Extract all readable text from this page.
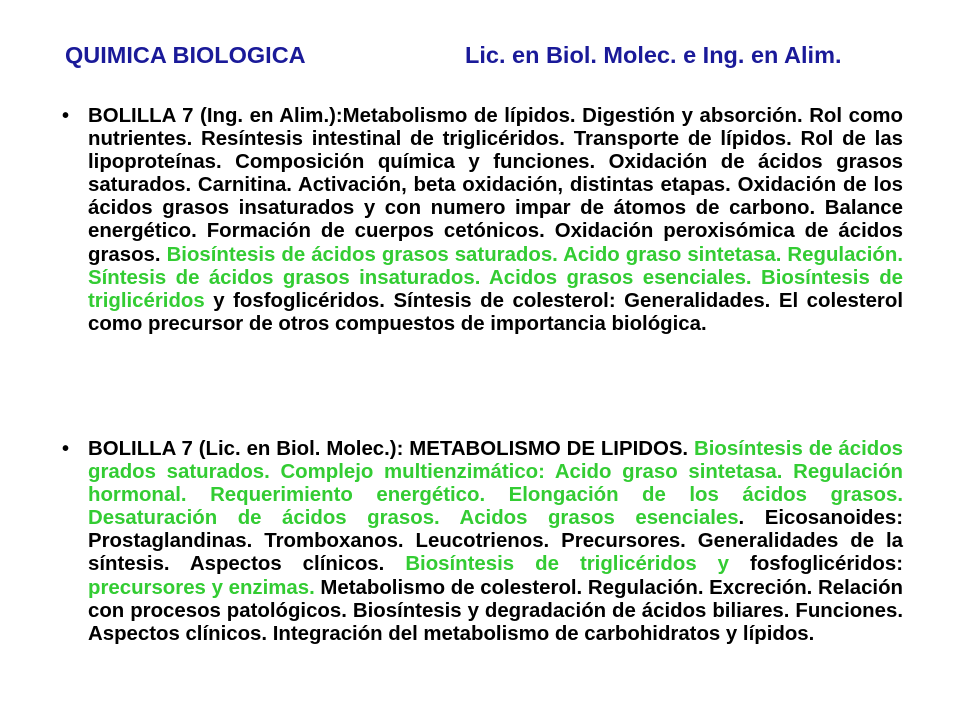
QUIMICA BIOLOGICA	Lic. en Biol. Molec. e Ing. en Alim.
• BOLILLA 7 (Ing. en Alim.):Metabolismo de lípidos. Digestión y absorción. Rol como nutrientes. Resíntesis intestinal de triglicéridos. Transporte de lípidos. Rol de las lipoproteínas. Composición química y funciones. Oxidación de ácidos grasos saturados. Carnitina. Activación, beta oxidación, distintas etapas. Oxidación de los ácidos grasos insaturados y con numero impar de átomos de carbono. Balance energético. Formación de cuerpos cetónicos. Oxidación peroxisómica de ácidos grasos. Biosíntesis de ácidos grasos saturados. Acido graso sintetasa. Regulación. Síntesis de ácidos grasos insaturados. Acidos grasos esenciales. Biosíntesis de triglicéridos y fosfoglicéridos. Síntesis de colesterol: Generalidades. El colesterol como precursor de otros compuestos de importancia biológica.
• BOLILLA 7 (Lic. en Biol. Molec.): METABOLISMO DE LIPIDOS. Biosíntesis de ácidos grados saturados. Complejo multienzimático: Acido graso sintetasa. Regulación hormonal. Requerimiento energético. Elongación de los ácidos grasos. Desaturación de ácidos grasos. Acidos grasos esenciales. Eicosanoides: Prostaglandinas. Tromboxanos. Leucotrienos. Precursores. Generalidades de la síntesis. Aspectos clínicos. Biosíntesis de triglicéridos y fosfoglicéridos: precursores y enzimas. Metabolismo de colesterol. Regulación. Excreción. Relación con procesos patológicos. Biosíntesis y degradación de ácidos biliares. Funciones. Aspectos clínicos. Integración del metabolismo de carbohidratos y lípidos.
